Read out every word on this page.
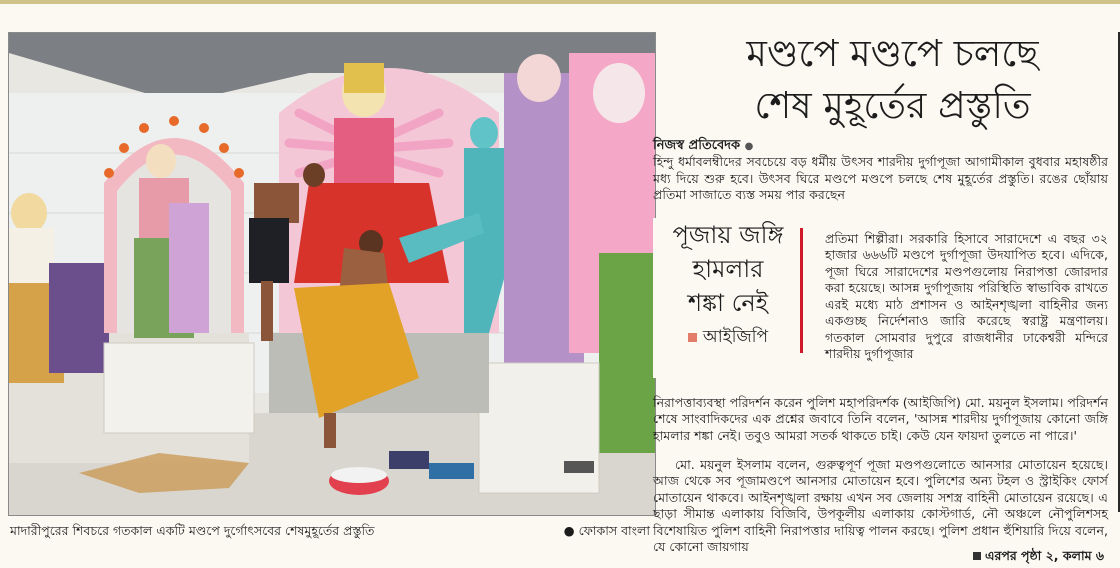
মাদারীপুরের শিবচরে গতকাল একটি মণ্ডপে দুর্গোৎসবের শেষমুহূর্তের প্রস্তুতি	● ফোকাস বাংলা
মণ্ডপে মণ্ডপে চলছে
শেষ মুহূর্তের প্রস্তুতি
নিজস্ব প্রতিবেদক ●

হিন্দু ধর্মাবলম্বীদের সবচেয়ে বড় ধর্মীয় উৎসব শারদীয় দুর্গাপূজা আগামীকাল বুধবার মহাষষ্ঠীর মধ্য দিয়ে শুরু হবে। উৎসব ঘিরে মণ্ডপে মণ্ডপে চলছে শেষ মুহূর্তের প্রস্তুতি। রঙের ছোঁয়ায় প্রতিমা সাজাতে ব্যস্ত সময় পার করছেন

পূজায় জঙ্গি
হামলার
শঙ্কা নেই
আইজিপি

প্রতিমা শিল্পীরা। সরকারি হিসাবে সারাদেশে এ বছর ৩২ হাজার ৬৬৬টি মণ্ডপে দুর্গাপূজা উদযাপিত হবে। এদিকে, পূজা ঘিরে সারাদেশের মণ্ডপগুলোয় নিরাপত্তা জোরদার করা হয়েছে। আসন্ন দুর্গাপূজায় পরিস্থিতি স্বাভাবিক রাখতে এরই মধ্যে মাঠ প্রশাসন ও আইনশৃঙ্খলা বাহিনীর জন্য একগুচ্ছ নির্দেশনাও জারি করেছে স্বরাষ্ট্র মন্ত্রণালয়। গতকাল সোমবার দুপুরে রাজধানীর ঢাকেশ্বরী মন্দিরে শারদীয় দুর্গাপূজার

নিরাপত্তাব্যবস্থা পরিদর্শন করেন পুলিশ মহাপরিদর্শক (আইজিপি) মো. ময়নুল ইসলাম। পরিদর্শন শেষে সাংবাদিকদের এক প্রশ্নের জবাবে তিনি বলেন, 'আসন্ন শারদীয় দুর্গাপূজায় কোনো জঙ্গি হামলার শঙ্কা নেই। তবুও আমরা সতর্ক থাকতে চাই। কেউ যেন ফায়দা তুলতে না পারে।'

মো. ময়নুল ইসলাম বলেন, গুরুত্বপূর্ণ পূজা মণ্ডপগুলোতে আনসার মোতায়েন হয়েছে। আজ থেকে সব পূজামণ্ডপে আনসার মোতায়েন হবে। পুলিশের অন্য টহল ও স্ট্রাইকিং ফোর্স মোতায়েন থাকবে। আইনশৃঙ্খলা রক্ষায় এখন সব জেলায় সশস্ত্র বাহিনী মোতায়েন রয়েছে। এ ছাড়া সীমান্ত এলাকায় বিজিবি, উপকূলীয় এলাকায় কোস্টগার্ড, নৌ অঞ্চলে নৌপুলিশসহ বিশেষায়িত পুলিশ বাহিনী নিরাপত্তার দায়িত্ব পালন করছে। পুলিশ প্রধান হুঁশিয়ারি দিয়ে বলেন, যে কোনো জায়গায়

এরপর পৃষ্ঠা ২, কলাম ৬
